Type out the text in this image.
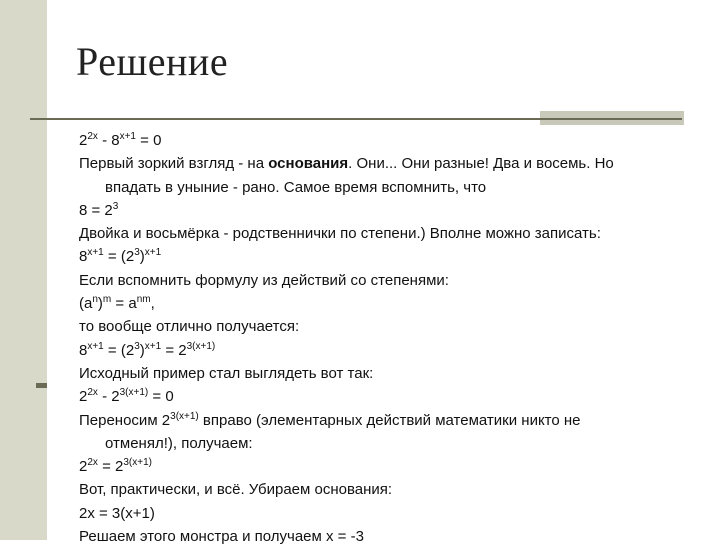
Решение
$2^{2x} - 8^{x+1} = 0$
Первый зоркий взгляд - на основания. Они... Они разные! Два и восемь. Но
впадать в уныние - рано. Самое время вспомнить, что
$8 = 2^3$
Двойка и восьмёрка - родственнички по степени.) Вполне можно записать:
$8^{x+1} = (2^3)^{x+1}$
Если вспомнить формулу из действий со степенями:
$(a^n)^m = a^{nm}$,
то вообще отлично получается:
$8^{x+1} = (2^3)^{x+1} = 2^{3(x+1)}$
Исходный пример стал выглядеть вот так:
$2^{2x} - 2^{3(x+1)} = 0$
Переносим $2^{3(x+1)}$ вправо (элементарных действий математики никто не
отменял!), получаем:
$2^{2x} = 2^{3(x+1)}$
Вот, практически, и всё. Убираем основания:
2x = 3(x+1)
Решаем этого монстра и получаем x = -3
